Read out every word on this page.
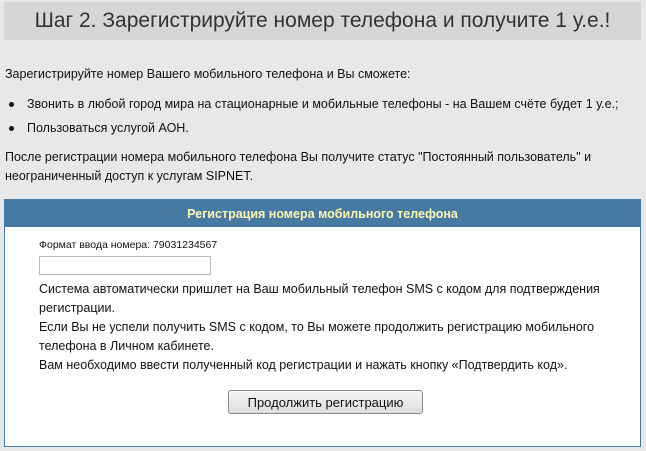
Шаг 2. Зарегистрируйте номер телефона и получите 1 у.е.!
Зарегистрируйте номер Вашего мобильного телефона и Вы сможете:
Звонить в любой город мира на стационарные и мобильные телефоны - на Вашем счёте будет 1 у.е.;
Пользоваться услугой АОН.
После регистрации номера мобильного телефона Вы получите статус "Постоянный пользователь" и неограниченный доступ к услугам SIPNET.
Регистрация номера мобильного телефона
Формат ввода номера: 79031234567
Система автоматически пришлет на Ваш мобильный телефон SMS с кодом для подтверждения регистрации.
Если Вы не успели получить SMS с кодом, то Вы можете продолжить регистрацию мобильного телефона в Личном кабинете.
Вам необходимо ввести полученный код регистрации и нажать кнопку «Подтвердить код».
Продолжить регистрацию
